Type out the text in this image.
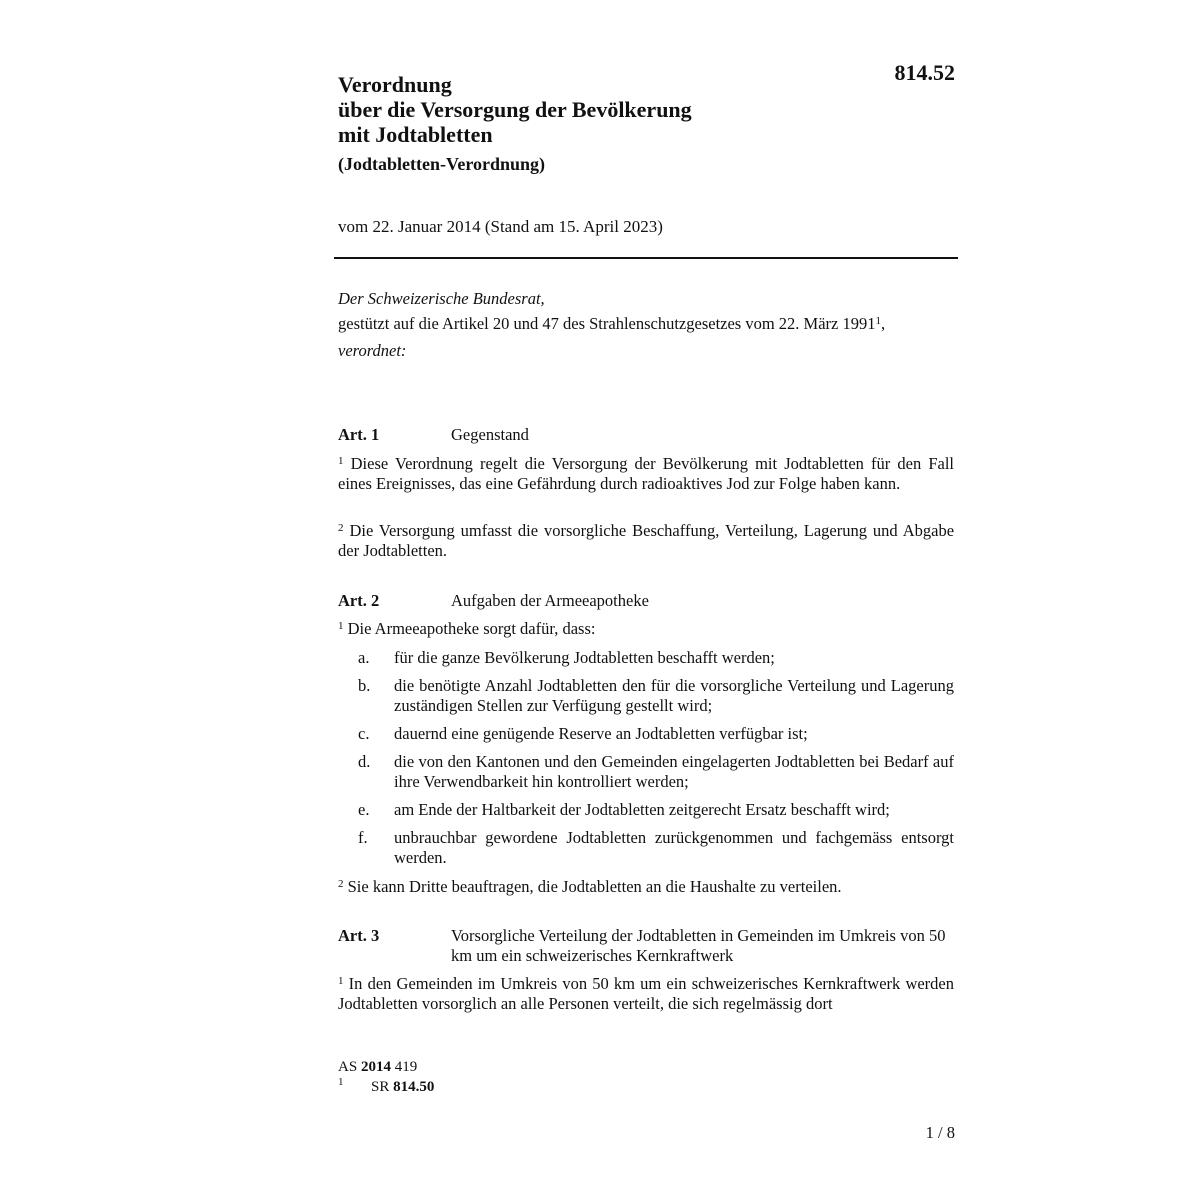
814.52
Verordnung
über die Versorgung der Bevölkerung
mit Jodtabletten
(Jodtabletten-Verordnung)
vom 22. Januar 2014 (Stand am 15. April 2023)
Der Schweizerische Bundesrat,
gestützt auf die Artikel 20 und 47 des Strahlenschutzgesetzes vom 22. März 1991$^1$,
verordnet:
Art. 1	Gegenstand
$^1$ Diese Verordnung regelt die Versorgung der Bevölkerung mit Jodtabletten für den Fall eines Ereignisses, das eine Gefährdung durch radioaktives Jod zur Folge haben kann.
$^2$ Die Versorgung umfasst die vorsorgliche Beschaffung, Verteilung, Lagerung und Abgabe der Jodtabletten.
Art. 2	Aufgaben der Armeeapotheke
$^1$ Die Armeeapotheke sorgt dafür, dass:
a. für die ganze Bevölkerung Jodtabletten beschafft werden;
b. die benötigte Anzahl Jodtabletten den für die vorsorgliche Verteilung und Lagerung zuständigen Stellen zur Verfügung gestellt wird;
c. dauernd eine genügende Reserve an Jodtabletten verfügbar ist;
d. die von den Kantonen und den Gemeinden eingelagerten Jodtabletten bei Bedarf auf ihre Verwendbarkeit hin kontrolliert werden;
e. am Ende der Haltbarkeit der Jodtabletten zeitgerecht Ersatz beschafft wird;
f. unbrauchbar gewordene Jodtabletten zurückgenommen und fachgemäss entsorgt werden.
$^2$ Sie kann Dritte beauftragen, die Jodtabletten an die Haushalte zu verteilen.
Art. 3	Vorsorgliche Verteilung der Jodtabletten in Gemeinden im Umkreis von 50 km um ein schweizerisches Kernkraftwerk
$^1$ In den Gemeinden im Umkreis von 50 km um ein schweizerisches Kernkraftwerk werden Jodtabletten vorsorglich an alle Personen verteilt, die sich regelmässig dort
AS 2014 419
1 SR 814.50
1 / 8
